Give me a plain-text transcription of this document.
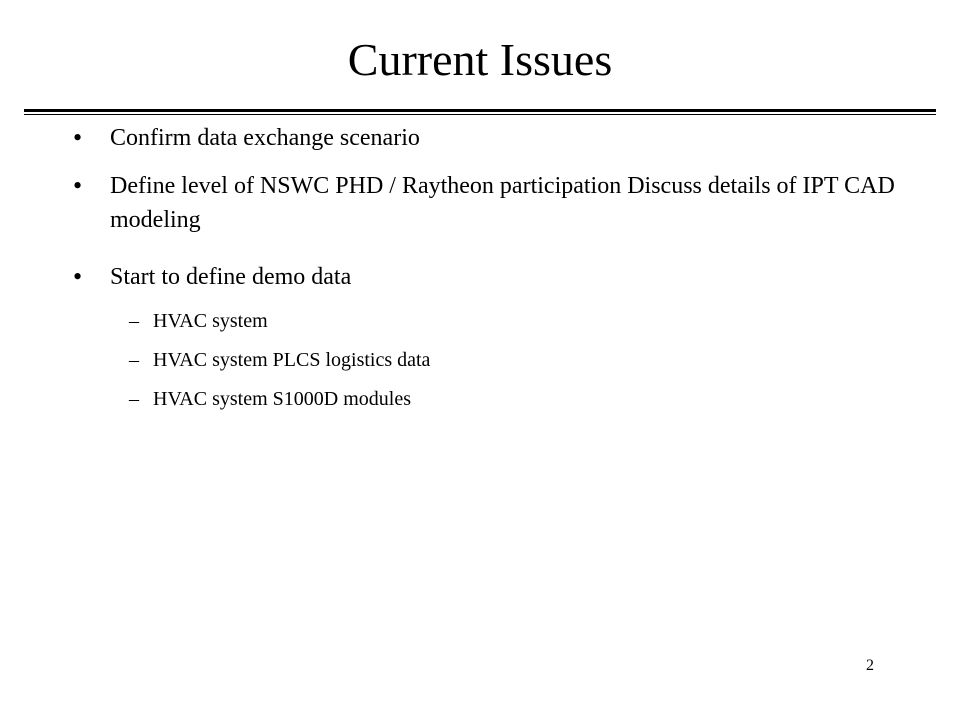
Current Issues
• Confirm data exchange scenario
• Define level of NSWC PHD / Raytheon participation Discuss details of IPT CAD modeling
• Start to define demo data
– HVAC system
– HVAC system PLCS logistics data
– HVAC system S1000D modules
2
